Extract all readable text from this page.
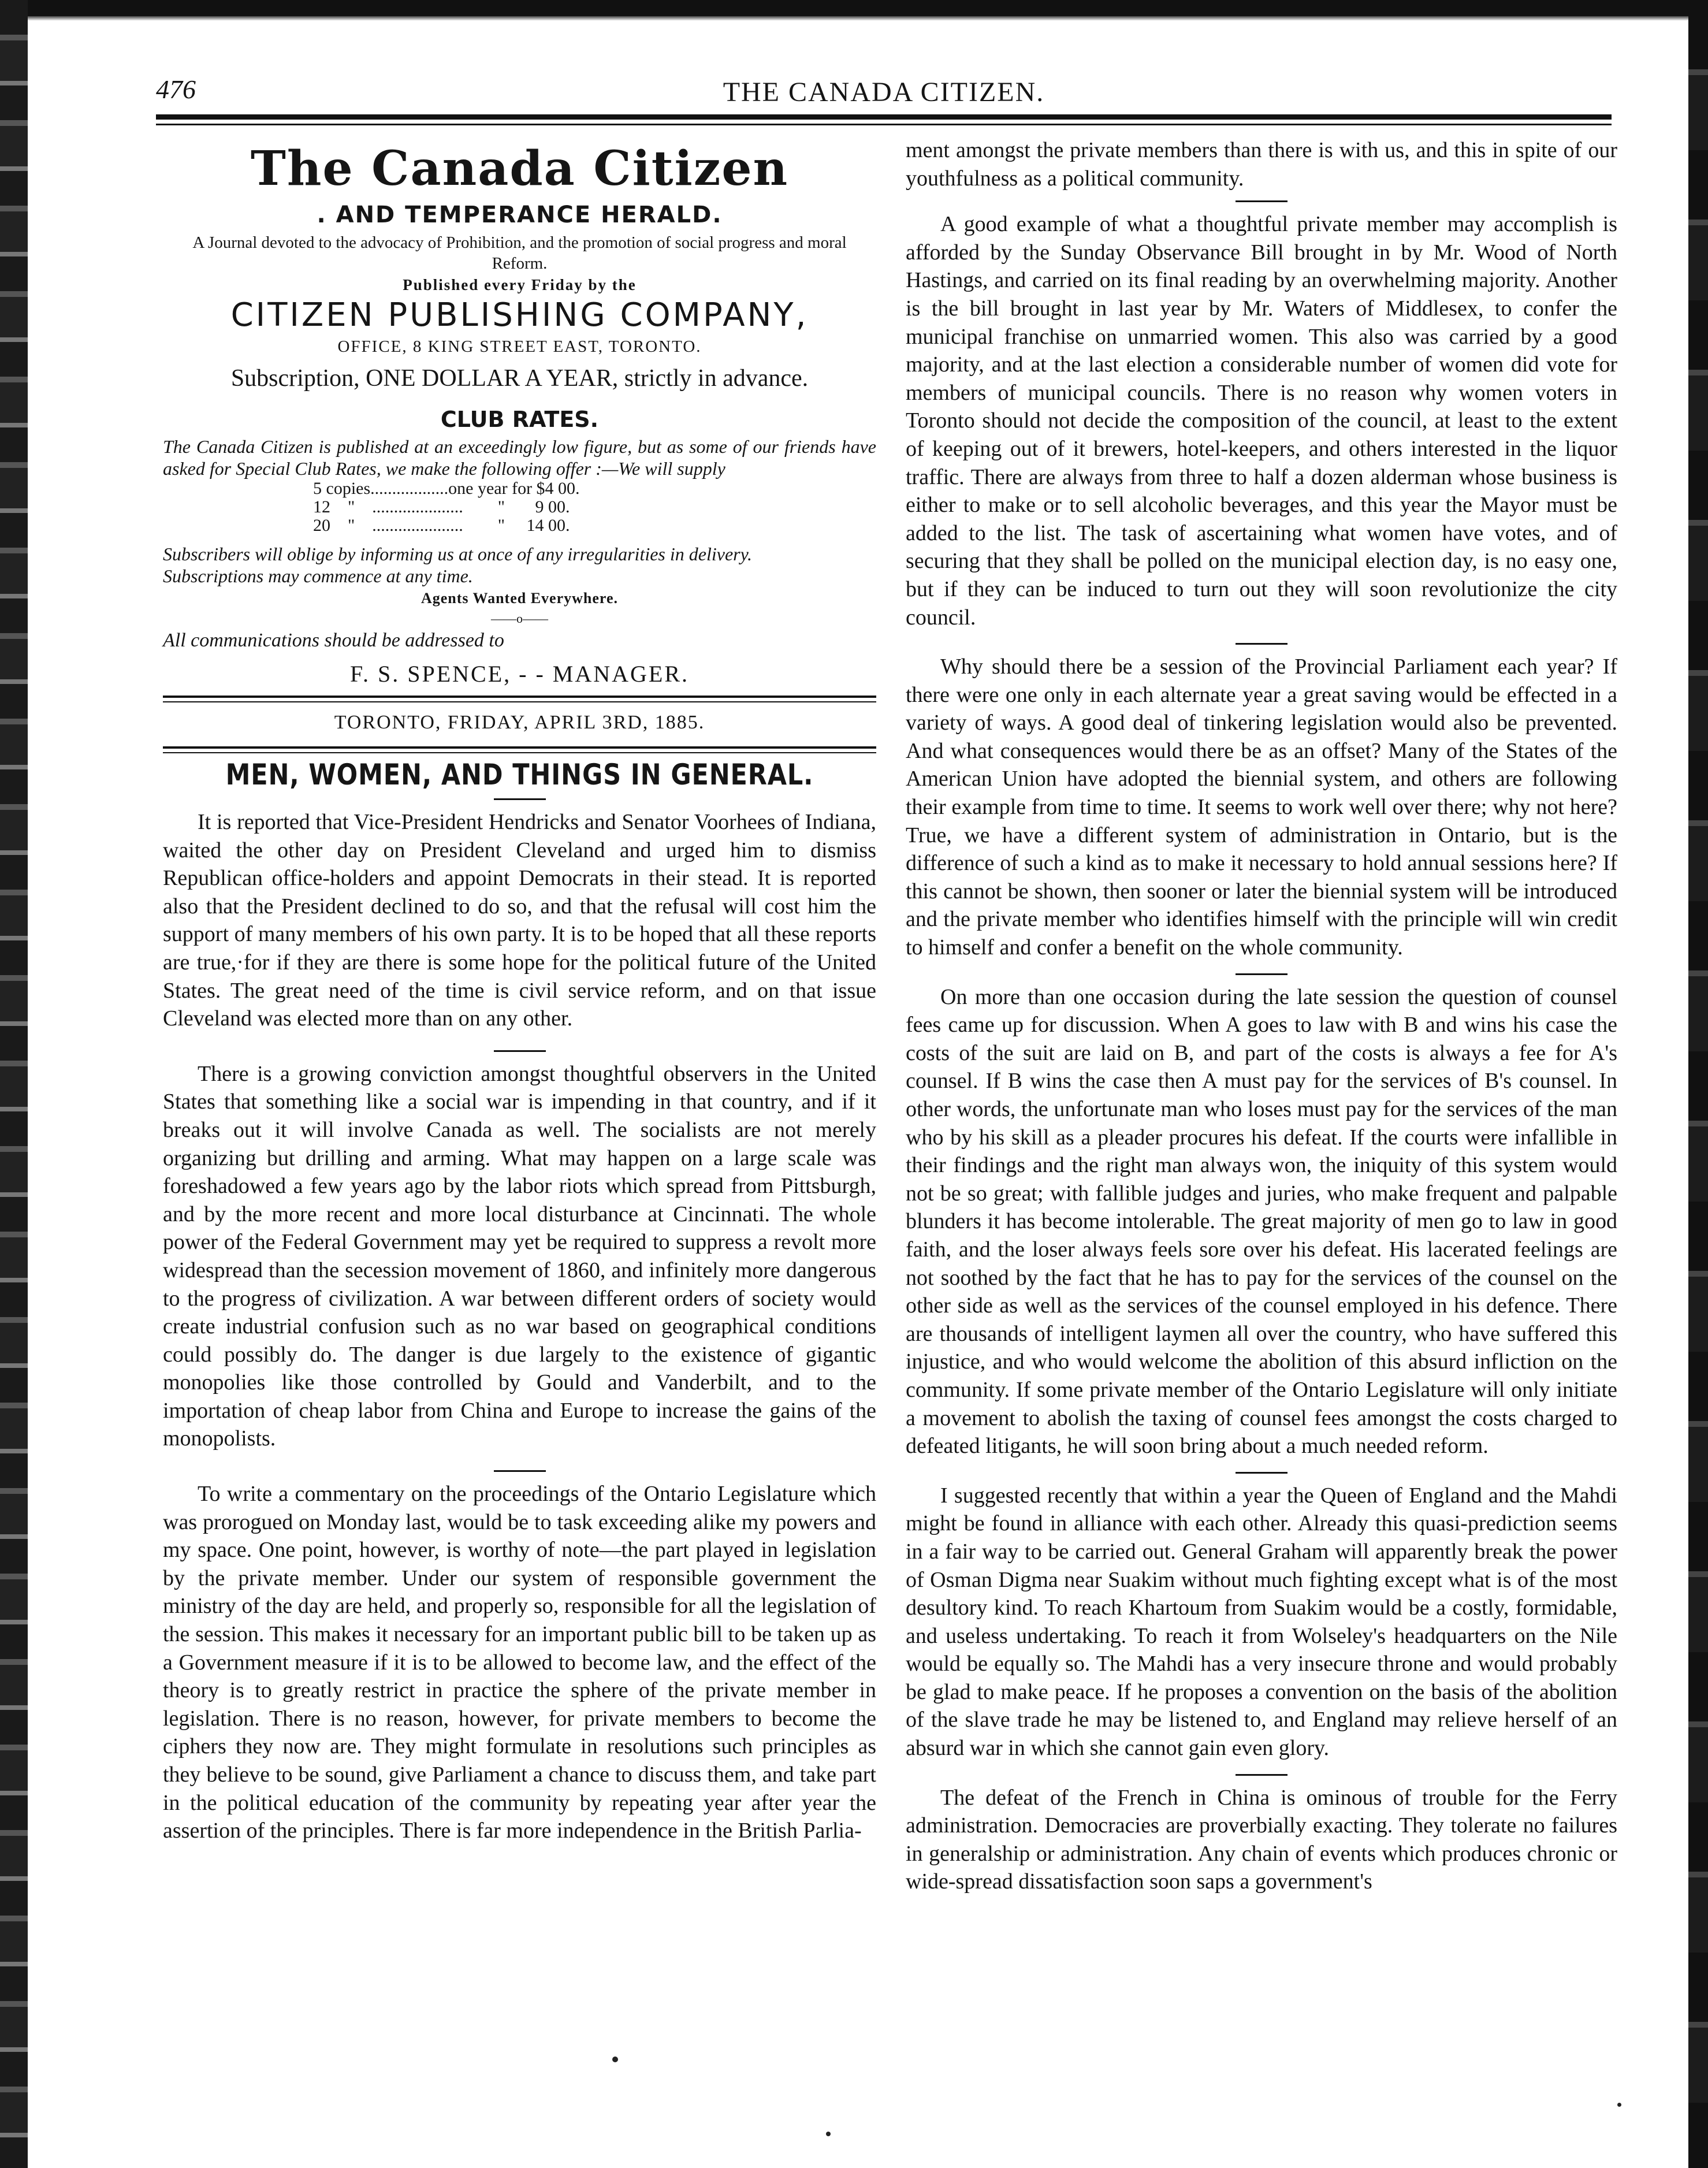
476	THE CANADA CITIZEN.
The Canada Citizen
. AND TEMPERANCE HERALD.
A Journal devoted to the advocacy of Prohibition, and the promotion of social progress and moral Reform.
Published every Friday by the
CITIZEN PUBLISHING COMPANY,
OFFICE, 8 KING STREET EAST, TORONTO.
Subscription, ONE DOLLAR A YEAR, strictly in advance.
CLUB RATES.
The Canada Citizen is published at an exceedingly low figure, but as some of our friends have asked for Special Club Rates, we make the following offer :—We will supply
5 copies..................one year for $4 00.
12    "    .....................        "       9 00.
20    "    .....................        "     14 00.
Subscribers will oblige by informing us at once of any irregularities in delivery.
Subscriptions may commence at any time.
Agents Wanted Everywhere.
——o——
All communications should be addressed to
F. S. SPENCE, - - MANAGER.
TORONTO, FRIDAY, APRIL 3RD, 1885.
MEN, WOMEN, AND THINGS IN GENERAL.

It is reported that Vice-President Hendricks and Senator Voorhees of Indiana, waited the other day on President Cleveland and urged him to dismiss Republican office-holders and appoint Democrats in their stead. It is reported also that the President declined to do so, and that the refusal will cost him the support of many members of his own party. It is to be hoped that all these reports are true,·for if they are there is some hope for the political future of the United States. The great need of the time is civil service reform, and on that issue Cleveland was elected more than on any other.

There is a growing conviction amongst thoughtful observers in the United States that something like a social war is impending in that country, and if it breaks out it will involve Canada as well. The socialists are not merely organizing but drilling and arming. What may happen on a large scale was foreshadowed a few years ago by the labor riots which spread from Pittsburgh, and by the more recent and more local disturbance at Cincinnati. The whole power of the Federal Government may yet be required to suppress a revolt more widespread than the secession movement of 1860, and infinitely more dangerous to the progress of civilization. A war between different orders of society would create industrial confusion such as no war based on geographical conditions could possibly do. The danger is due largely to the existence of gigantic monopolies like those controlled by Gould and Vanderbilt, and to the importation of cheap labor from China and Europe to increase the gains of the monopolists.

To write a commentary on the proceedings of the Ontario Legislature which was prorogued on Monday last, would be to task exceeding alike my powers and my space. One point, however, is worthy of note—the part played in legislation by the private member. Under our system of responsible government the ministry of the day are held, and properly so, responsible for all the legislation of the session. This makes it necessary for an important public bill to be taken up as a Government measure if it is to be allowed to become law, and the effect of the theory is to greatly restrict in practice the sphere of the private member in legislation. There is no reason, however, for private members to become the ciphers they now are. They might formulate in resolutions such principles as they believe to be sound, give Parliament a chance to discuss them, and take part in the political education of the community by repeating year after year the assertion of the principles. There is far more independence in the British Parlia-

ment amongst the private members than there is with us, and this in spite of our youthfulness as a political community.

A good example of what a thoughtful private member may accomplish is afforded by the Sunday Observance Bill brought in by Mr. Wood of North Hastings, and carried on its final reading by an overwhelming majority. Another is the bill brought in last year by Mr. Waters of Middlesex, to confer the municipal franchise on unmarried women. This also was carried by a good majority, and at the last election a considerable number of women did vote for members of municipal councils. There is no reason why women voters in Toronto should not decide the composition of the council, at least to the extent of keeping out of it brewers, hotel-keepers, and others interested in the liquor traffic. There are always from three to half a dozen alderman whose business is either to make or to sell alcoholic beverages, and this year the Mayor must be added to the list. The task of ascertaining what women have votes, and of securing that they shall be polled on the municipal election day, is no easy one, but if they can be induced to turn out they will soon revolutionize the city council.

Why should there be a session of the Provincial Parliament each year? If there were one only in each alternate year a great saving would be effected in a variety of ways. A good deal of tinkering legislation would also be prevented. And what consequences would there be as an offset? Many of the States of the American Union have adopted the biennial system, and others are following their example from time to time. It seems to work well over there; why not here? True, we have a different system of administration in Ontario, but is the difference of such a kind as to make it necessary to hold annual sessions here? If this cannot be shown, then sooner or later the biennial system will be introduced and the private member who identifies himself with the principle will win credit to himself and confer a benefit on the whole community.

On more than one occasion during the late session the question of counsel fees came up for discussion. When A goes to law with B and wins his case the costs of the suit are laid on B, and part of the costs is always a fee for A's counsel. If B wins the case then A must pay for the services of B's counsel. In other words, the unfortunate man who loses must pay for the services of the man who by his skill as a pleader procures his defeat. If the courts were infallible in their findings and the right man always won, the iniquity of this system would not be so great; with fallible judges and juries, who make frequent and palpable blunders it has become intolerable. The great majority of men go to law in good faith, and the loser always feels sore over his defeat. His lacerated feelings are not soothed by the fact that he has to pay for the services of the counsel on the other side as well as the services of the counsel employed in his defence. There are thousands of intelligent laymen all over the country, who have suffered this injustice, and who would welcome the abolition of this absurd infliction on the community. If some private member of the Ontario Legislature will only initiate a movement to abolish the taxing of counsel fees amongst the costs charged to defeated litigants, he will soon bring about a much needed reform.

I suggested recently that within a year the Queen of England and the Mahdi might be found in alliance with each other. Already this quasi-prediction seems in a fair way to be carried out. General Graham will apparently break the power of Osman Digma near Suakim without much fighting except what is of the most desultory kind. To reach Khartoum from Suakim would be a costly, formidable, and useless undertaking. To reach it from Wolseley's headquarters on the Nile would be equally so. The Mahdi has a very insecure throne and would probably be glad to make peace. If he proposes a convention on the basis of the abolition of the slave trade he may be listened to, and England may relieve herself of an absurd war in which she cannot gain even glory.

The defeat of the French in China is ominous of trouble for the Ferry administration. Democracies are proverbially exacting. They tolerate no failures in generalship or administration. Any chain of events which produces chronic or wide-spread dissatisfaction soon saps a government's
